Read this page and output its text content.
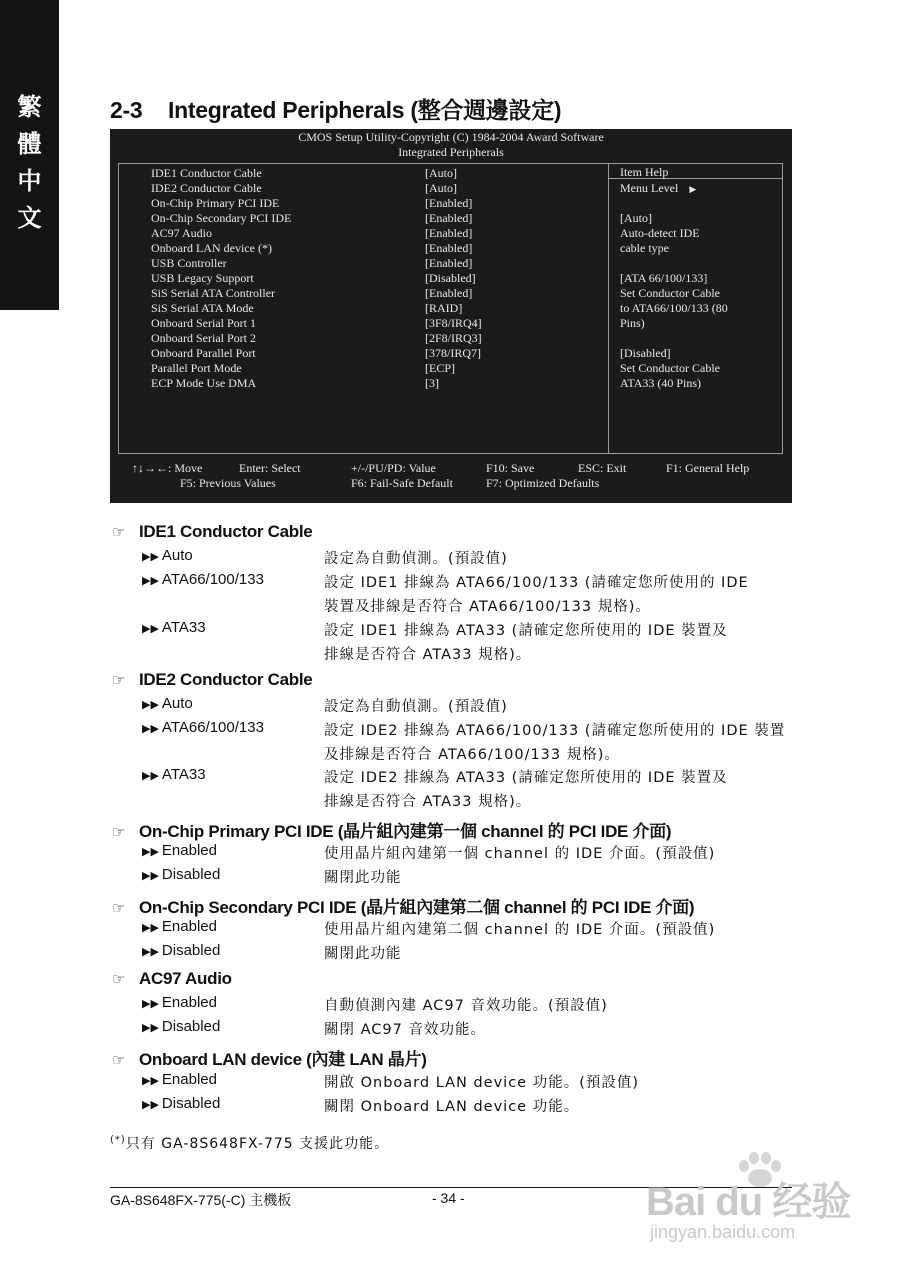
繁
體
中
文
2-3 Integrated Peripherals (整合週邊設定)
CMOS Setup Utility-Copyright (C) 1984-2004 Award Software
Integrated Peripherals
IDE1 Conductor Cable	[Auto]
IDE2 Conductor Cable	[Auto]
On-Chip Primary PCI IDE	[Enabled]
On-Chip Secondary PCI IDE	[Enabled]
AC97 Audio	[Enabled]
Onboard LAN device (*)	[Enabled]
USB Controller	[Enabled]
USB Legacy Support	[Disabled]
SiS Serial ATA Controller	[Enabled]
SiS Serial ATA Mode	[RAID]
Onboard Serial Port 1	[3F8/IRQ4]
Onboard Serial Port 2	[2F8/IRQ3]
Onboard Parallel Port	[378/IRQ7]
Parallel Port Mode	[ECP]
ECP Mode Use DMA	[3]
Item Help
Menu Level ▶
[Auto]
Auto-detect IDE
cable type
[ATA 66/100/133]
Set Conductor Cable
to ATA66/100/133 (80
Pins)
[Disabled]
Set Conductor Cable
ATA33 (40 Pins)
↑↓→←: Move	Enter: Select	+/-/PU/PD: Value	F10: Save	ESC: Exit	F1: General Help
F5: Previous Values	F6: Fail-Safe Default	F7: Optimized Defaults
☞ IDE1 Conductor Cable
▶▶ Auto	設定為自動偵測。(預設值)
▶▶ ATA66/100/133	設定 IDE1 排線為 ATA66/100/133 (請確定您所使用的 IDE
裝置及排線是否符合 ATA66/100/133 規格)。
▶▶ ATA33	設定 IDE1 排線為 ATA33 (請確定您所使用的 IDE 裝置及
排線是否符合 ATA33 規格)。
☞ IDE2 Conductor Cable
▶▶ Auto	設定為自動偵測。(預設值)
▶▶ ATA66/100/133	設定 IDE2 排線為 ATA66/100/133 (請確定您所使用的 IDE 裝置
及排線是否符合 ATA66/100/133 規格)。
▶▶ ATA33	設定 IDE2 排線為 ATA33 (請確定您所使用的 IDE 裝置及
排線是否符合 ATA33 規格)。
☞ On-Chip Primary PCI IDE (晶片組內建第一個 channel 的 PCI IDE 介面)
▶▶ Enabled	使用晶片組內建第一個 channel 的 IDE 介面。(預設值)
▶▶ Disabled	關閉此功能
☞ On-Chip Secondary PCI IDE (晶片組內建第二個 channel 的 PCI IDE 介面)
▶▶ Enabled	使用晶片組內建第二個 channel 的 IDE 介面。(預設值)
▶▶ Disabled	關閉此功能
☞ AC97 Audio
▶▶ Enabled	自動偵測內建 AC97 音效功能。(預設值)
▶▶ Disabled	關閉 AC97 音效功能。
☞ Onboard LAN device (內建 LAN 晶片)
▶▶ Enabled	開啟 Onboard LAN device 功能。(預設值)
▶▶ Disabled	關閉 Onboard LAN device 功能。
(*)只有 GA-8S648FX-775 支援此功能。
GA-8S648FX-775(-C) 主機板	- 34 -	Bai du 经验
jingyan.baidu.com
